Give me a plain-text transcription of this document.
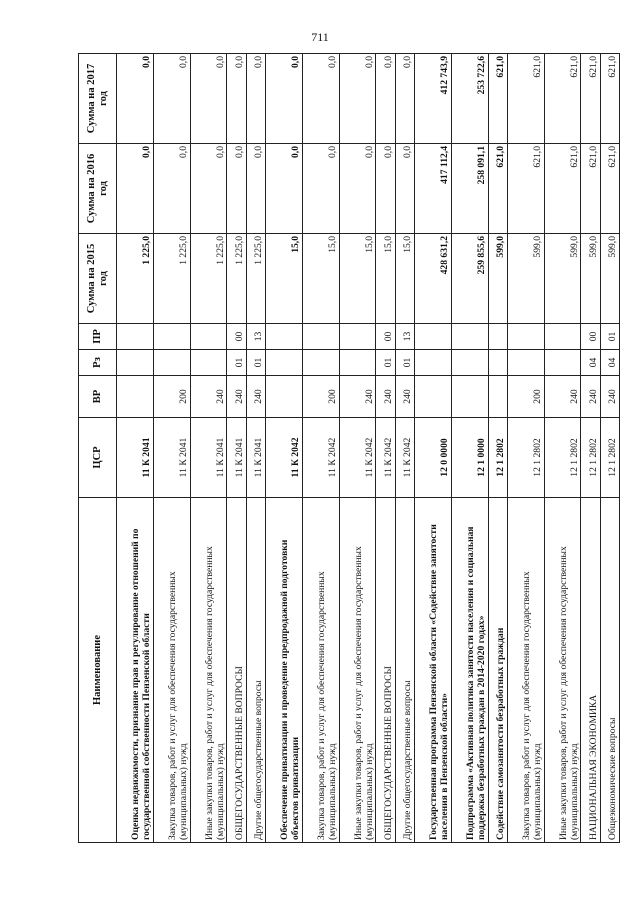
711
Наименование	ЦСР	ВР	Рз	ПР	Сумма на 2015 год	Сумма на 2016 год	Сумма на 2017 год
Оценка недвижимости, признание прав и регулирование отношений по государственной собственности Пензенской области	11 К 2041				1 225,0	0,0	0,0
Закупка товаров, работ и услуг для обеспечения государственных (муниципальных) нужд	11 К 2041	200			1 225,0	0,0	0,0
Иные закупки товаров, работ и услуг для обеспечения государственных (муниципальных) нужд	11 К 2041	240			1 225,0	0,0	0,0
ОБЩЕГОСУДАРСТВЕННЫЕ ВОПРОСЫ	11 К 2041	240	01	00	1 225,0	0,0	0,0
Другие общегосударственные вопросы	11 К 2041	240	01	13	1 225,0	0,0	0,0
Обеспечение приватизации и проведение предпродажной подготовки объектов приватизации	11 К 2042				15,0	0,0	0,0
Закупка товаров, работ и услуг для обеспечения государственных (муниципальных) нужд	11 К 2042	200			15,0	0,0	0,0
Иные закупки товаров, работ и услуг для обеспечения государственных (муниципальных) нужд	11 К 2042	240			15,0	0,0	0,0
ОБЩЕГОСУДАРСТВЕННЫЕ ВОПРОСЫ	11 К 2042	240	01	00	15,0	0,0	0,0
Другие общегосударственные вопросы	11 К 2042	240	01	13	15,0	0,0	0,0
Государственная программа Пензенской области «Содействие занятости населения в Пензенской области»	12 0 0000				428 631,2	417 112,4	412 743,9
Подпрограмма «Активная политика занятости населения и социальная поддержка безработных граждан в 2014-2020 годах»	12 1 0000				259 855,6	258 091,1	253 722,6
Содействие самозанятости безработных граждан	12 1 2802				599,0	621,0	621,0
Закупка товаров, работ и услуг для обеспечения государственных (муниципальных) нужд	12 1 2802	200			599,0	621,0	621,0
Иные закупки товаров, работ и услуг для обеспечения государственных (муниципальных) нужд	12 1 2802	240			599,0	621,0	621,0
НАЦИОНАЛЬНАЯ ЭКОНОМИКА	12 1 2802	240	04	00	599,0	621,0	621,0
Общеэкономические вопросы	12 1 2802	240	04	01	599,0	621,0	621,0
